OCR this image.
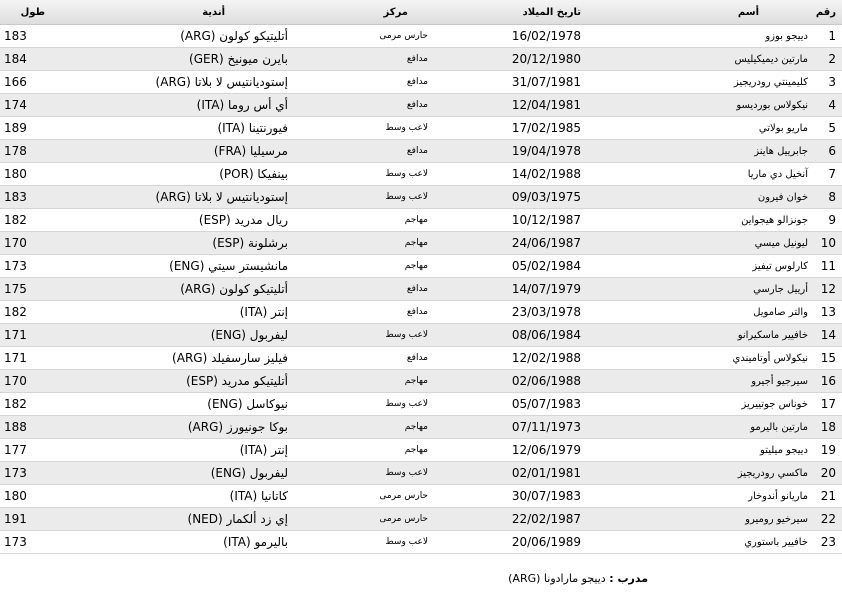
رقم	أسم	تاريخ الميلاد	مركز	أندية	طول
1	دييجو بوزو	16/02/1978	حارس مرمى	أتليتيكو كولون (ARG)	183
2	مارتين ديميكيليس	20/12/1980	مدافع	بايرن ميونيخ (GER)	184
3	كليمينتي رودريجيز	31/07/1981	مدافع	إستوديانتيس لا بلاتا (ARG)	166
4	نيكولاس بورديسو	12/04/1981	مدافع	أي أس روما (ITA)	174
5	ماريو بولاتي	17/02/1985	لاعب وسط	فيورنتينا (ITA)	189
6	جابرييل هاينز	19/04/1978	مدافع	مرسيليا (FRA)	178
7	آنخيل دي ماريا	14/02/1988	لاعب وسط	بينفيكا (POR)	180
8	خوان فيرون	09/03/1975	لاعب وسط	إستوديانتيس لا بلاتا (ARG)	183
9	جونزالو هيجواين	10/12/1987	مهاجم	ريال مدريد (ESP)	182
10	ليونيل ميسي	24/06/1987	مهاجم	برشلونة (ESP)	170
11	كارلوس تيفيز	05/02/1984	مهاجم	مانشيستر سيتي (ENG)	173
12	أرييل جارسي	14/07/1979	مدافع	أتليتيكو كولون (ARG)	175
13	والتر صامويل	23/03/1978	مدافع	إنتر (ITA)	182
14	خافيير ماسكيرانو	08/06/1984	لاعب وسط	ليفربول (ENG)	171
15	نيكولاس أوتاميندي	12/02/1988	مدافع	فيليز سارسفيلد (ARG)	171
16	سيرجيو أجيرو	02/06/1988	مهاجم	أتليتيكو مدريد (ESP)	170
17	خوناس جوتييريز	05/07/1983	لاعب وسط	نيوكاسل (ENG)	182
18	مارتين باليرمو	07/11/1973	مهاجم	بوكا جونيورز (ARG)	188
19	دييجو ميليتو	12/06/1979	مهاجم	إنتر (ITA)	177
20	ماكسي رودريجيز	02/01/1981	لاعب وسط	ليفربول (ENG)	173
21	ماريانو أندوخار	30/07/1983	حارس مرمى	كاتانيا (ITA)	180
22	سيرخيو روميرو	22/02/1987	حارس مرمى	إي زد ألكمار (NED)	191
23	خافيير باستوري	20/06/1989	لاعب وسط	باليرمو (ITA)	173
مدرب : دييجو مارادونا (ARG)
